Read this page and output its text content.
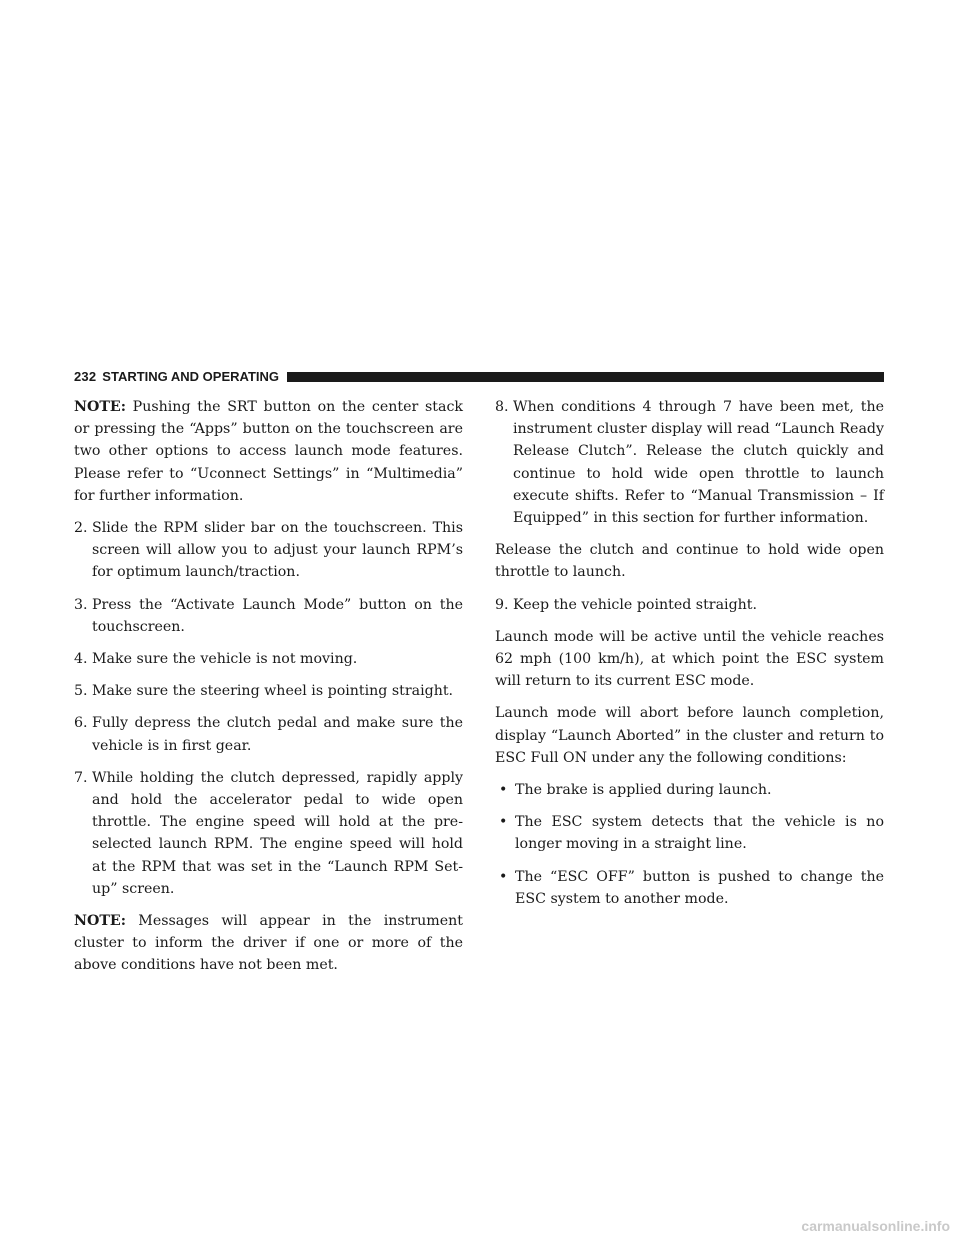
232 STARTING AND OPERATING

NOTE: Pushing the SRT button on the center stack or pressing the “Apps” button on the touchscreen are two other options to access launch mode features. Please refer to “Uconnect Settings” in “Multimedia” for further information.

2. Slide the RPM slider bar on the touchscreen. This screen will allow you to adjust your launch RPM’s for optimum launch/traction.
3. Press the “Activate Launch Mode” button on the touchscreen.
4. Make sure the vehicle is not moving.
5. Make sure the steering wheel is pointing straight.
6. Fully depress the clutch pedal and make sure the vehicle is in first gear.
7. While holding the clutch depressed, rapidly apply and hold the accelerator pedal to wide open throttle. The engine speed will hold at the pre-selected launch RPM. The engine speed will hold at the RPM that was set in the “Launch RPM Set-up” screen.

NOTE: Messages will appear in the instrument cluster to inform the driver if one or more of the above conditions have not been met.

8. When conditions 4 through 7 have been met, the instrument cluster display will read “Launch Ready Release Clutch”. Release the clutch quickly and continue to hold wide open throttle to launch execute shifts. Refer to “Manual Transmission – If Equipped” in this section for further information.

Release the clutch and continue to hold wide open throttle to launch.

9. Keep the vehicle pointed straight.

Launch mode will be active until the vehicle reaches 62 mph (100 km/h), at which point the ESC system will return to its current ESC mode.

Launch mode will abort before launch completion, display “Launch Aborted” in the cluster and return to ESC Full ON under any the following conditions:

• The brake is applied during launch.
• The ESC system detects that the vehicle is no longer moving in a straight line.
• The “ESC OFF” button is pushed to change the ESC system to another mode.
carmanualsonline.info
